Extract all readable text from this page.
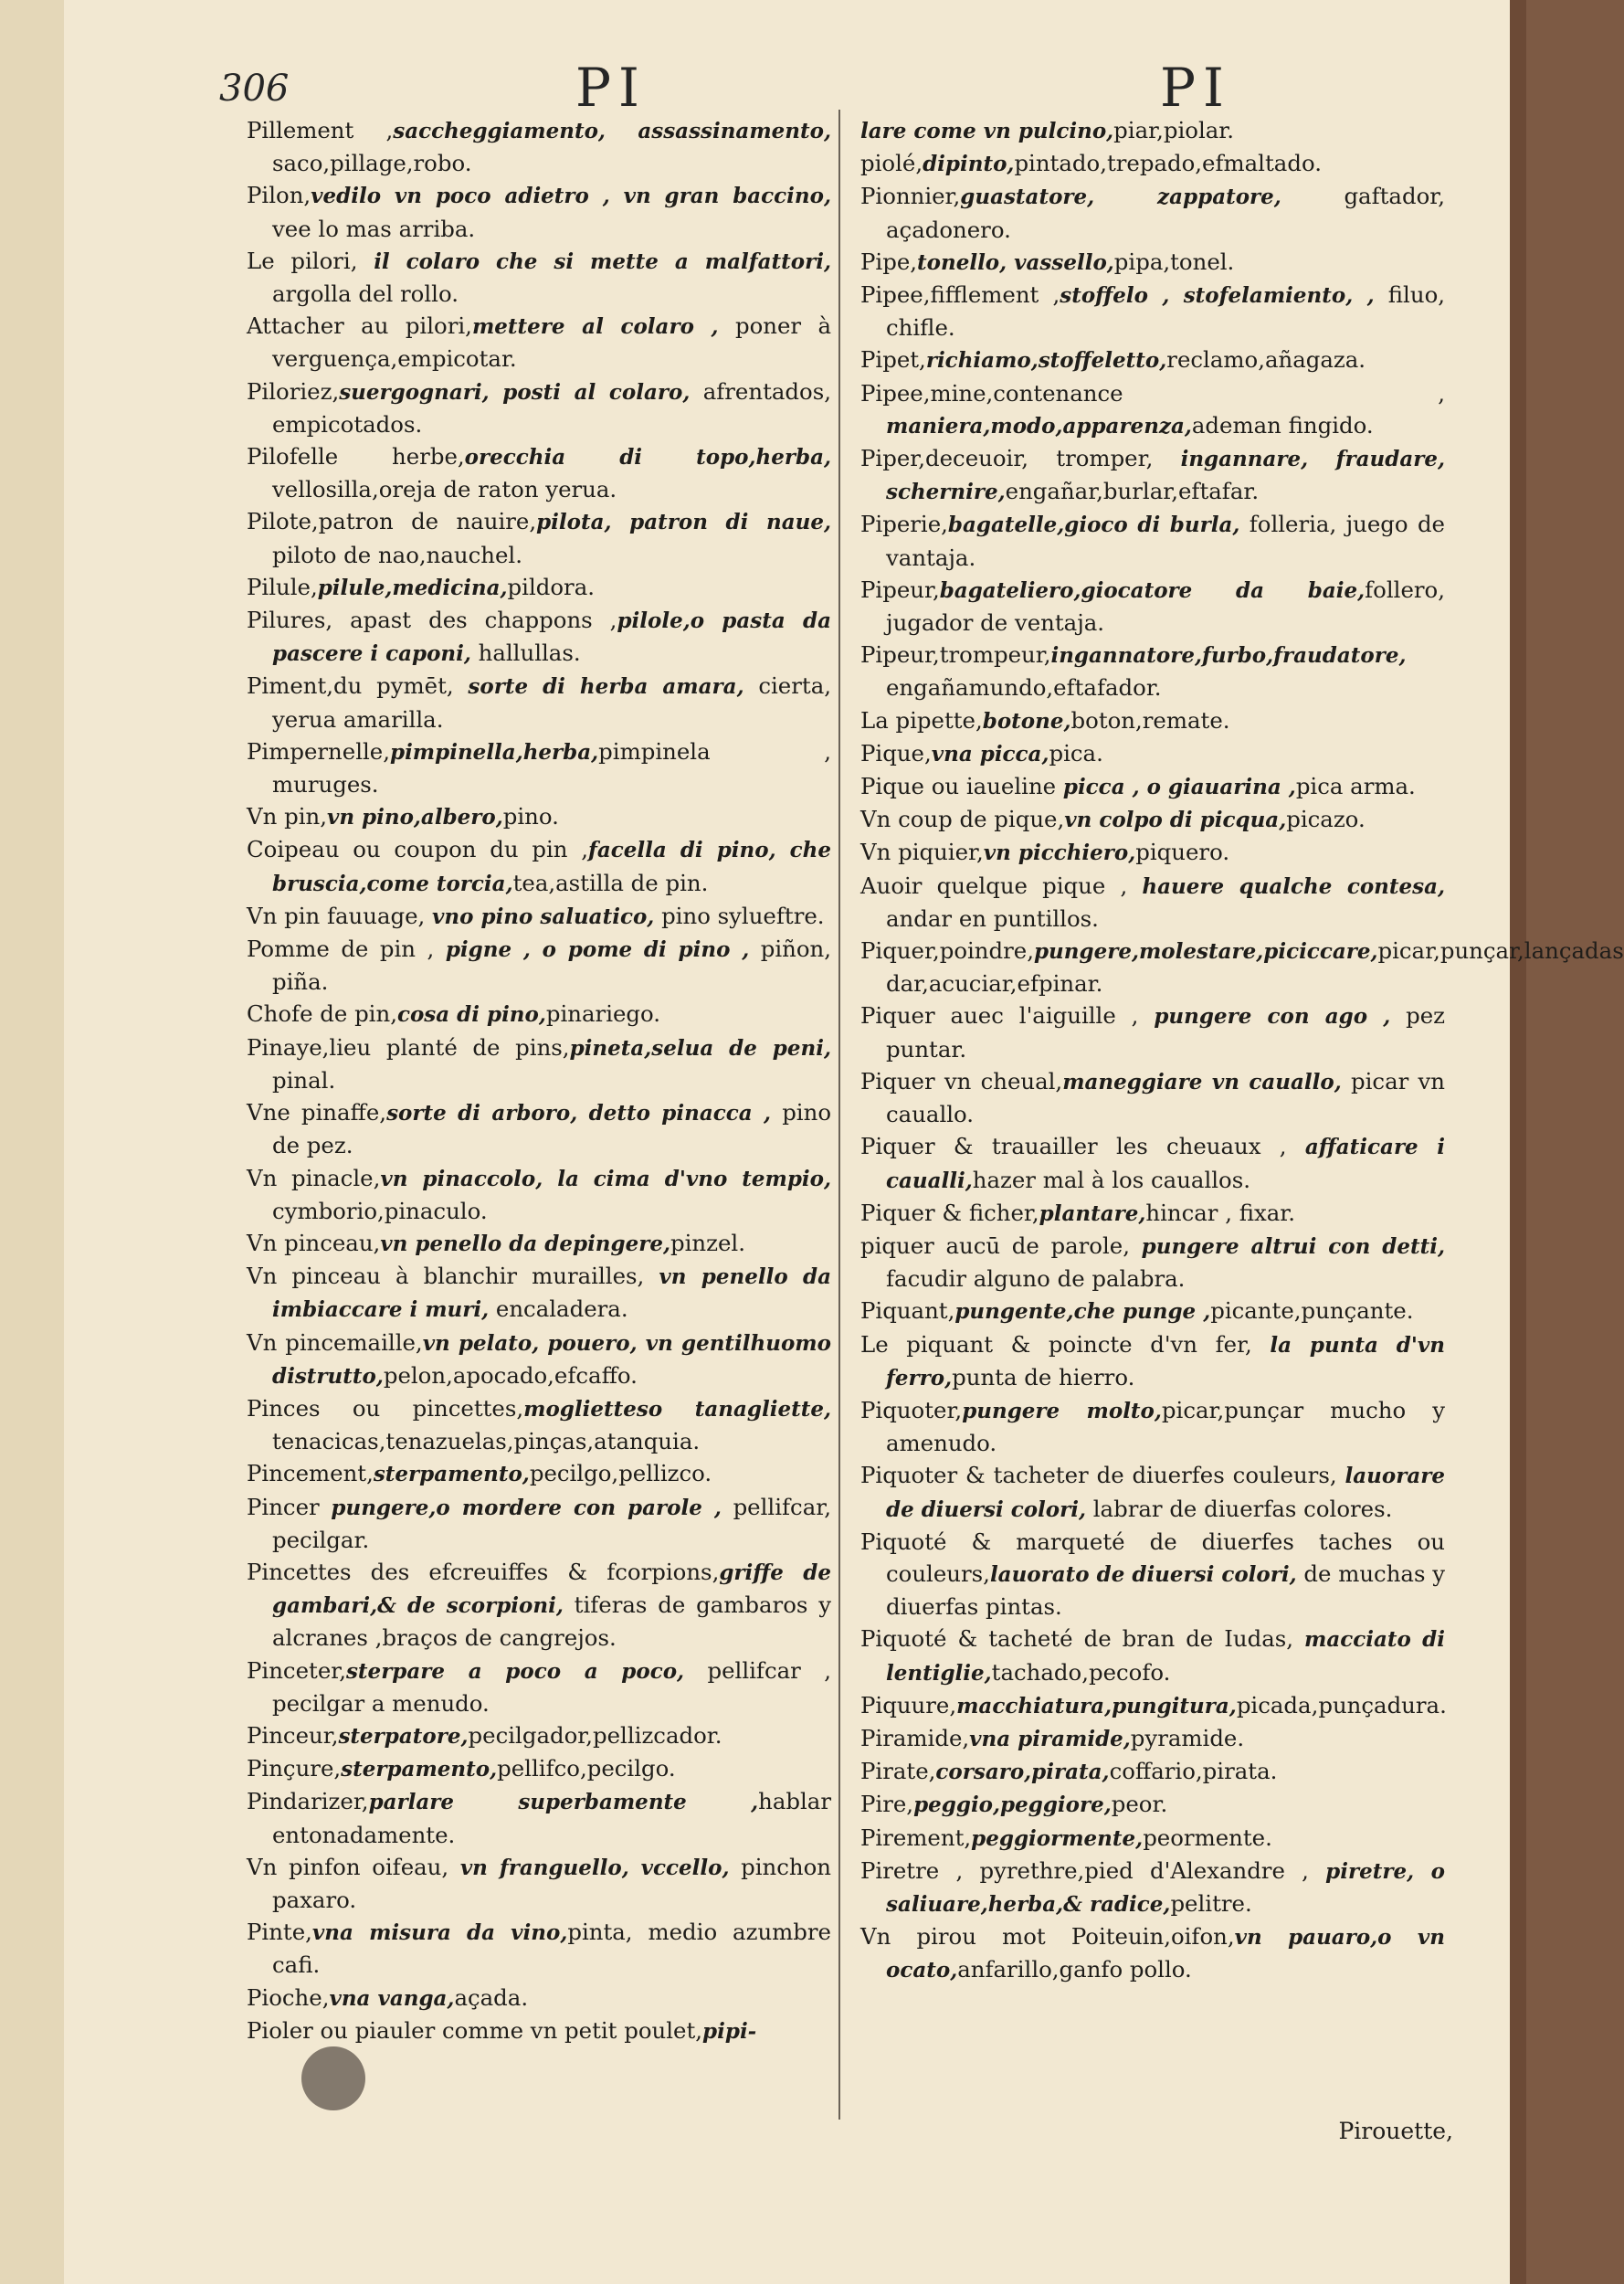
306	PI	PI

Pillement ,saccheggiamento, assassinamento, saco,pillage,robo.

Pilon,vedilo vn poco adietro , vn gran baccino, vee lo mas arriba.

Le pilori, il colaro che si mette a malfattori, argolla del rollo.

Attacher au pilori,mettere al colaro , poner à verguença,empicotar.

Piloriez,suergognari, posti al colaro, afrentados, empicotados.

Pilofelle herbe,orecchia di topo,herba, vellosilla,oreja de raton yerua.

Pilote,patron de nauire,pilota, patron di naue, piloto de nao,nauchel.

Pilule,pilule,medicina,pildora.

Pilures, apast des chappons ,pilole,o pasta da pascere i caponi, hallullas.

Piment,du pymēt, sorte di herba amara, cierta, yerua amarilla.

Pimpernelle,pimpinella,herba,pimpinela , muruges.

Vn pin,vn pino,albero,pino.

Coipeau ou coupon du pin ,facella di pino, che bruscia,come torcia,tea,astilla de pin.

Vn pin fauuage, vno pino saluatico, pino sylueftre.

Pomme de pin , pigne , o pome di pino , piñon, piña.

Chofe de pin,cosa di pino,pinariego.

Pinaye,lieu planté de pins,pineta,selua de peni, pinal.

Vne pinaffe,sorte di arboro, detto pinacca , pino de pez.

Vn pinacle,vn pinaccolo, la cima d'vno tempio, cymborio,pinaculo.

Vn pinceau,vn penello da depingere,pinzel.

Vn pinceau à blanchir murailles, vn penello da imbiaccare i muri, encaladera.

Vn pincemaille,vn pelato, pouero, vn gentilhuomo distrutto,pelon,apocado,efcaffo.

Pinces ou pincettes,moglietteso tanagliette, tenacicas,tenazuelas,pinças,atanquia.

Pincement,sterpamento,pecilgo,pellizco.

Pincer pungere,o mordere con parole , pellifcar, pecilgar.

Pincettes des efcreuiffes & fcorpions,griffe de gambari,& de scorpioni, tiferas de gambaros y alcranes ,braços de cangrejos.

Pinceter,sterpare a poco a poco, pellifcar , pecilgar a menudo.

Pinceur,sterpatore,pecilgador,pellizcador.

Pinçure,sterpamento,pellifco,pecilgo.

Pindarizer,parlare superbamente ,hablar entonadamente.

Vn pinfon oifeau, vn franguello, vccello, pinchon paxaro.

Pinte,vna misura da vino,pinta, medio azumbre cafi.

Pioche,vna vanga,açada.

Pioler ou piauler comme vn petit poulet,pipi-

lare come vn pulcino,piar,piolar.

piolé,dipinto,pintado,trepado,efmaltado.

Pionnier,guastatore, zappatore, gaftador, açadonero.

Pipe,tonello, vassello,pipa,tonel.

Pipee,fifflement ,stoffelo , stofelamiento, , filuo, chifle.

Pipet,richiamo,stoffeletto,reclamo,añagaza.

Pipee,mine,contenance , maniera,modo,apparenza,ademan fingido.

Piper,deceuoir, tromper, ingannare, fraudare, schernire,engañar,burlar,eftafar.

Piperie,bagatelle,gioco di burla, folleria, juego de vantaja.

Pipeur,bagateliero,giocatore da baie,follero, jugador de ventaja.

Pipeur,trompeur,ingannatore,furbo,fraudatore, engañamundo,eftafador.

La pipette,botone,boton,remate.

Pique,vna picca,pica.

Pique ou iaueline picca , o giauarina ,pica arma.

Vn coup de pique,vn colpo di picqua,picazo.

Vn piquier,vn picchiero,piquero.

Auoir quelque pique , hauere qualche contesa, andar en puntillos.

Piquer,poindre,pungere,molestare,piciccare,picar,punçar,lançadas dar,acuciar,efpinar.

Piquer auec l'aiguille , pungere con ago , pez puntar.

Piquer vn cheual,maneggiare vn cauallo, picar vn cauallo.

Piquer & trauailler les cheuaux , affaticare i caualli,hazer mal à los cauallos.

Piquer & ficher,plantare,hincar , fixar.

piquer aucū de parole, pungere altrui con detti, facudir alguno de palabra.

Piquant,pungente,che punge ,picante,punçante.

Le piquant & poincte d'vn fer, la punta d'vn ferro,punta de hierro.

Piquoter,pungere molto,picar,punçar mucho y amenudo.

Piquoter & tacheter de diuerfes couleurs, lauorare de diuersi colori, labrar de diuerfas colores.

Piquoté & marqueté de diuerfes taches ou couleurs,lauorato de diuersi colori, de muchas y diuerfas pintas.

Piquoté & tacheté de bran de Iudas, macciato di lentiglie,tachado,pecofo.

Piquure,macchiatura,pungitura,picada,punçadura.

Piramide,vna piramide,pyramide.

Pirate,corsaro,pirata,coffario,pirata.

Pire,peggio,peggiore,peor.

Pirement,peggiormente,peormente.

Piretre , pyrethre,pied d'Alexandre , piretre, o saliuare,herba,& radice,pelitre.

Vn pirou mot Poiteuin,oifon,vn pauaro,o vn ocato,anfarillo,ganfo pollo.

Pirouette,
